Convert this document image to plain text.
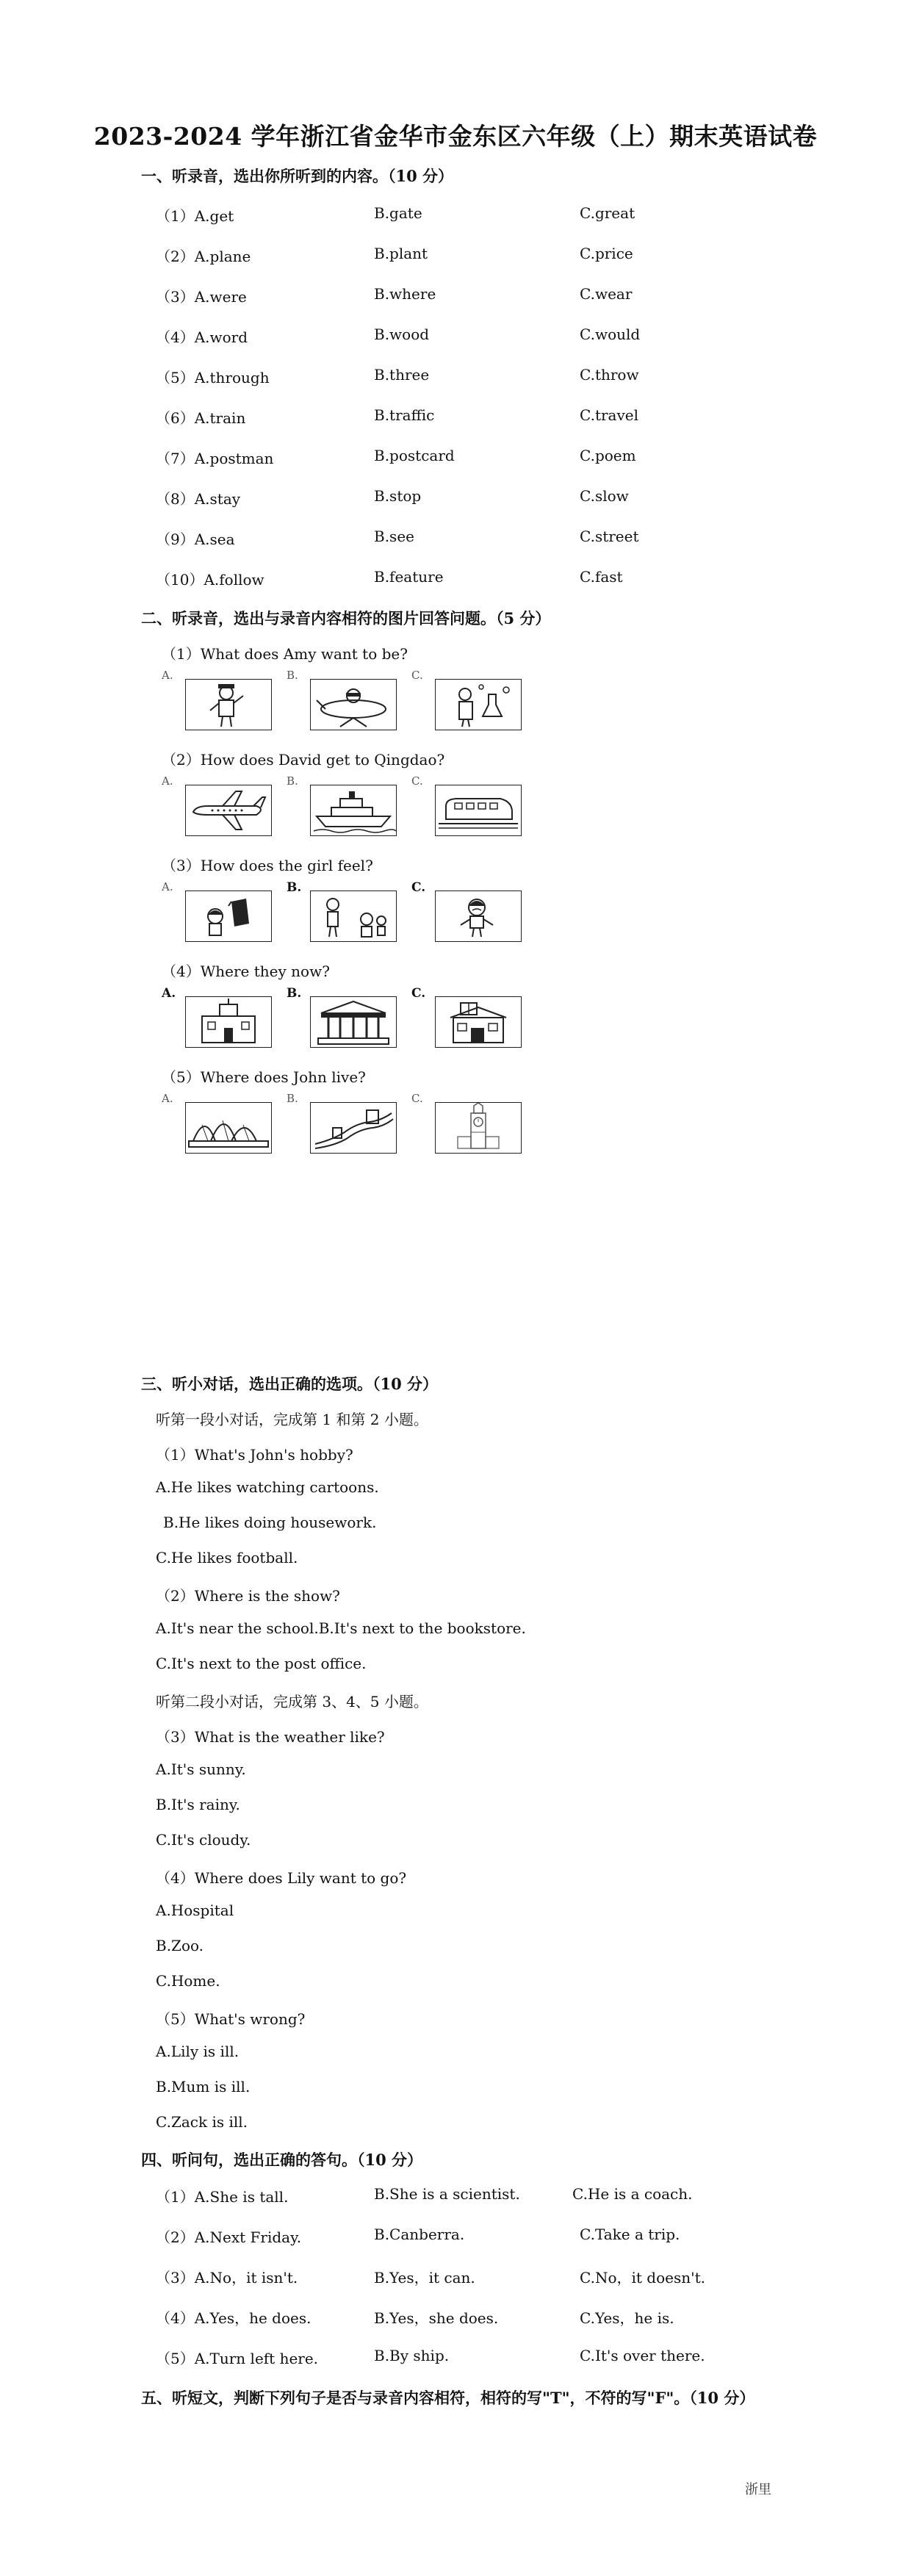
2023-2024 学年浙江省金华市金东区六年级（上）期末英语试卷
一、听录音，选出你所听到的内容。（10 分）
（1）A.get	B.gate	C.great
（2）A.plane	B.plant	C.price
（3）A.were	B.where	C.wear
（4）A.word	B.wood	C.would
（5）A.through	B.three	C.throw
（6）A.train	B.traffic	C.travel
（7）A.postman	B.postcard	C.poem
（8）A.stay	B.stop	C.slow
（9）A.sea	B.see	C.street
（10）A.follow	B.feature	C.fast
二、听录音，选出与录音内容相符的图片回答问题。（5 分）
（1）What does Amy want to be?
A.	B.	C.
（2）How does David get to Qingdao?
A.	B.	C.
（3）How does the girl feel?
A.	B.	C.
（4）Where they now?
A.	B.	C.
（5）Where does John live?
A.	B.	C.
三、听小对话，选出正确的选项。（10 分）
听第一段小对话，完成第 1 和第 2 小题。
（1）What's John's hobby?
A.He likes watching cartoons.
B.He likes doing housework.
C.He likes football.
（2）Where is the show?
A.It's near the school.B.It's next to the bookstore.
C.It's next to the post office.
听第二段小对话，完成第 3、4、5 小题。
（3）What is the weather like?
A.It's sunny.
B.It's rainy.
C.It's cloudy.
（4）Where does Lily want to go?
A.Hospital
B.Zoo.
C.Home.
（5）What's wrong?
A.Lily is ill.
B.Mum is ill.
C.Zack is ill.
四、听问句，选出正确的答句。（10 分）
（1）A.She is tall.	B.She is a scientist.	C.He is a coach.
（2）A.Next Friday.	B.Canberra.	C.Take a trip.
（3）A.No，it isn't.	B.Yes，it can.	C.No，it doesn't.
（4）A.Yes，he does.	B.Yes，she does.	C.Yes，he is.
（5）A.Turn left here.	B.By ship.	C.It's over there.
五、听短文，判断下列句子是否与录音内容相符，相符的写"T"，不符的写"F"。（10 分）
浙里
